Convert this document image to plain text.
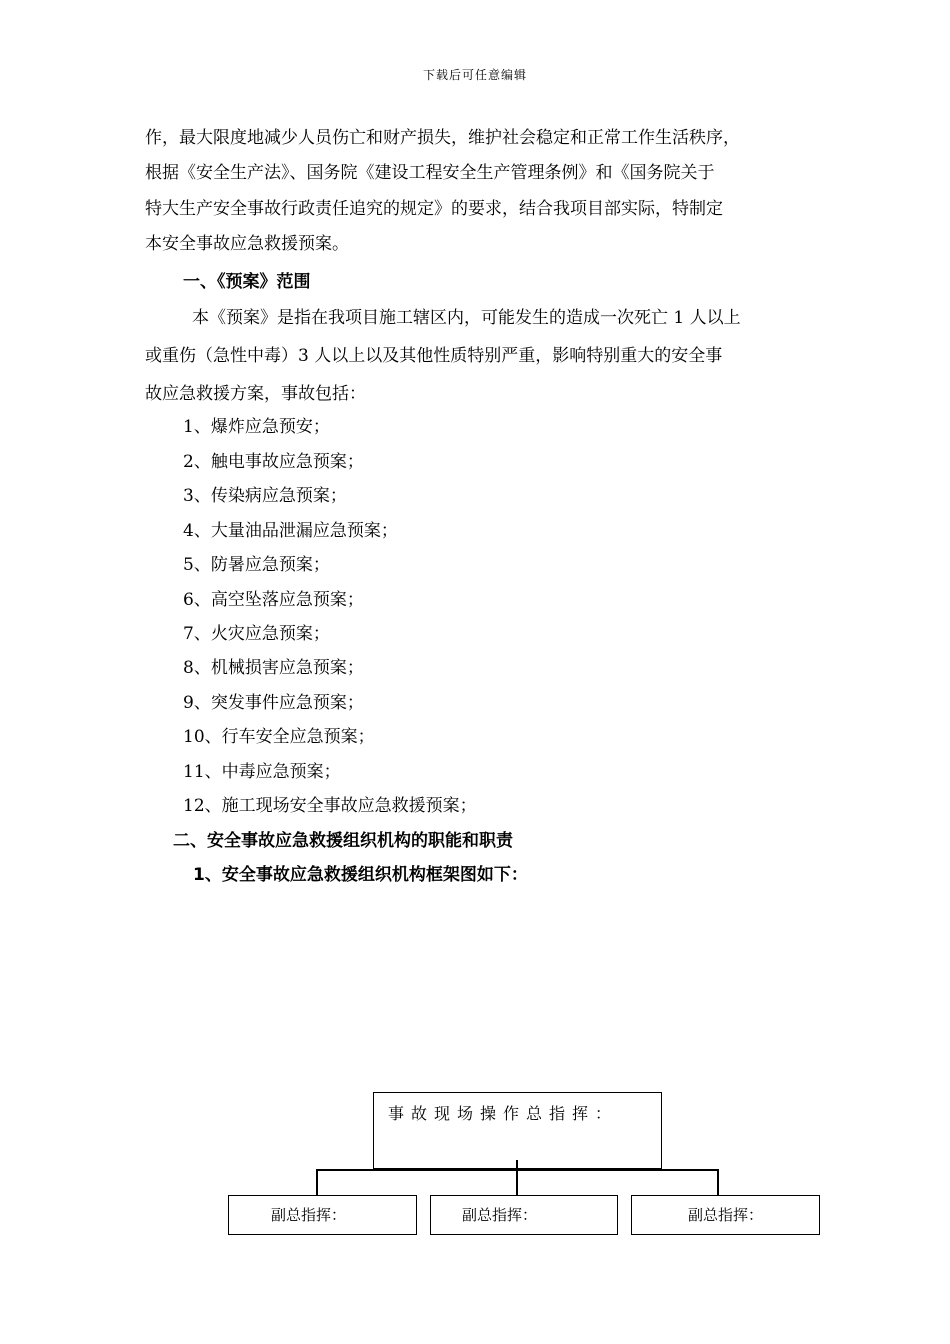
下载后可任意编辑
作，最大限度地减少人员伤亡和财产损失，维护社会稳定和正常工作生活秩序，
根据《安全生产法》、国务院《建设工程安全生产管理条例》和《国务院关于
特大生产安全事故行政责任追究的规定》的要求，结合我项目部实际，特制定
本安全事故应急救援预案。
一、《预案》范围
本《预案》是指在我项目施工辖区内，可能发生的造成一次死亡 1 人以上
或重伤（急性中毒）3 人以上以及其他性质特别严重，影响特别重大的安全事
故应急救援方案，事故包括：
1、爆炸应急预安；
2、触电事故应急预案；
3、传染病应急预案；
4、大量油品泄漏应急预案；
5、防暑应急预案；
6、高空坠落应急预案；
7、火灾应急预案；
8、机械损害应急预案；
9、突发事件应急预案；
10、行车安全应急预案；
11、中毒应急预案；
12、施工现场安全事故应急救援预案；
二、安全事故应急救援组织机构的职能和职责
1、安全事故应急救援组织机构框架图如下：
事故现场操作总指挥：
副总指挥：	副总指挥：	副总指挥：
